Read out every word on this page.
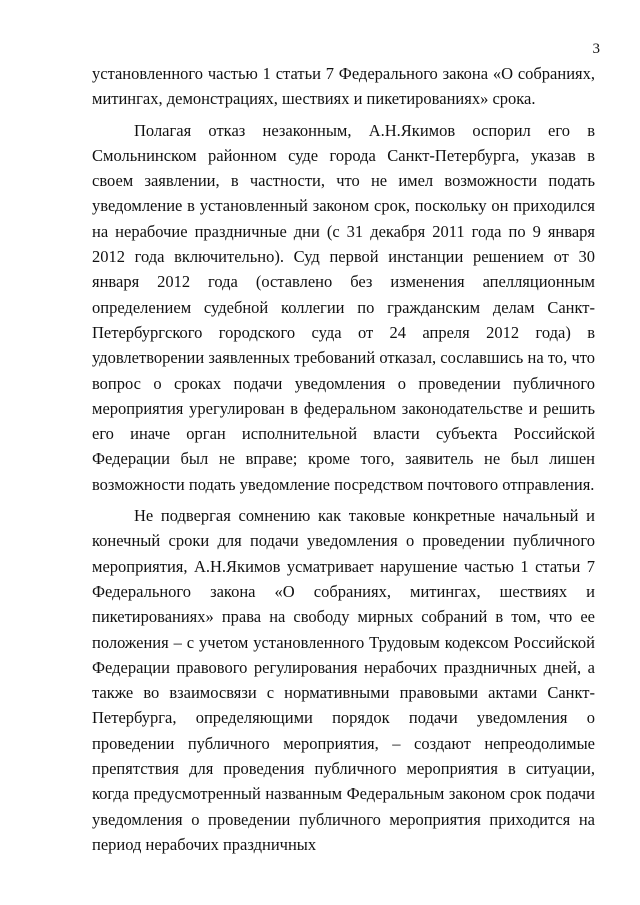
3

установленного частью 1 статьи 7 Федерального закона «О собраниях, митингах, демонстрациях, шествиях и пикетированиях» срока.

Полагая отказ незаконным, А.Н.Якимов оспорил его в Смольнинском районном суде города Санкт-Петербурга, указав в своем заявлении, в частности, что не имел возможности подать уведомление в установленный законом срок, поскольку он приходился на нерабочие праздничные дни (с 31 декабря 2011 года по 9 января 2012 года включительно). Суд первой инстанции решением от 30 января 2012 года (оставлено без изменения апелляционным определением судебной коллегии по гражданским делам Санкт-Петербургского городского суда от 24 апреля 2012 года) в удовлетворении заявленных требований отказал, сославшись на то, что вопрос о сроках подачи уведомления о проведении публичного мероприятия урегулирован в федеральном законодательстве и решить его иначе орган исполнительной власти субъекта Российской Федерации был не вправе; кроме того, заявитель не был лишен возможности подать уведомление посредством почтового отправления.

Не подвергая сомнению как таковые конкретные начальный и конечный сроки для подачи уведомления о проведении публичного мероприятия, А.Н.Якимов усматривает нарушение частью 1 статьи 7 Федерального закона «О собраниях, митингах, шествиях и пикетированиях» права на свободу мирных собраний в том, что ее положения – с учетом установленного Трудовым кодексом Российской Федерации правового регулирования нерабочих праздничных дней, а также во взаимосвязи с нормативными правовыми актами Санкт-Петербурга, определяющими порядок подачи уведомления о проведении публичного мероприятия, – создают непреодолимые препятствия для проведения публичного мероприятия в ситуации, когда предусмотренный названным Федеральным законом срок подачи уведомления о проведении публичного мероприятия приходится на период нерабочих праздничных
